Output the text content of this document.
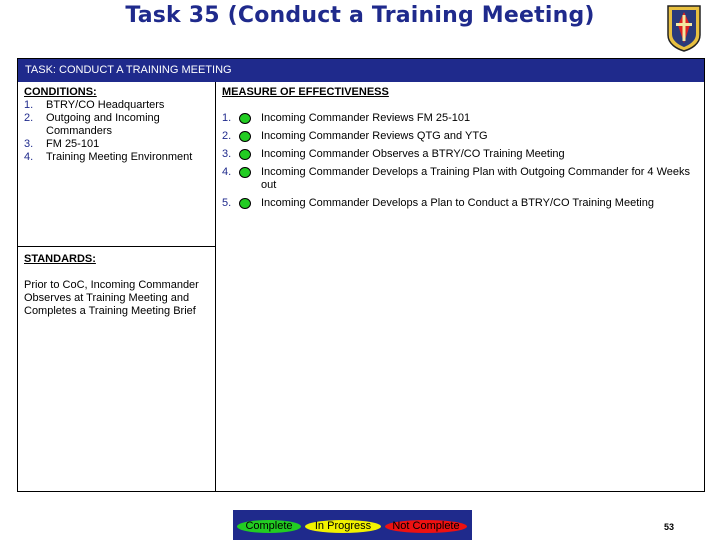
Task 35 (Conduct a Training Meeting)
TASK: CONDUCT A TRAINING MEETING
CONDITIONS:
1.	BTRY/CO Headquarters
2.	Outgoing and Incoming Commanders
3.	FM 25-101
4.	Training Meeting Environment
STANDARDS:
Prior to CoC, Incoming Commander Observes at Training Meeting and Completes a Training Meeting Brief
MEASURE OF EFFECTIVENESS
1.	Incoming Commander Reviews FM 25-101
2.	Incoming Commander Reviews QTG and YTG
3.	Incoming Commander Observes a BTRY/CO Training Meeting
4.	Incoming Commander Develops a Training Plan with Outgoing Commander for 4 Weeks out
5.	Incoming Commander Develops a Plan to Conduct a BTRY/CO Training Meeting
Complete	In Progress	Not Complete	53
